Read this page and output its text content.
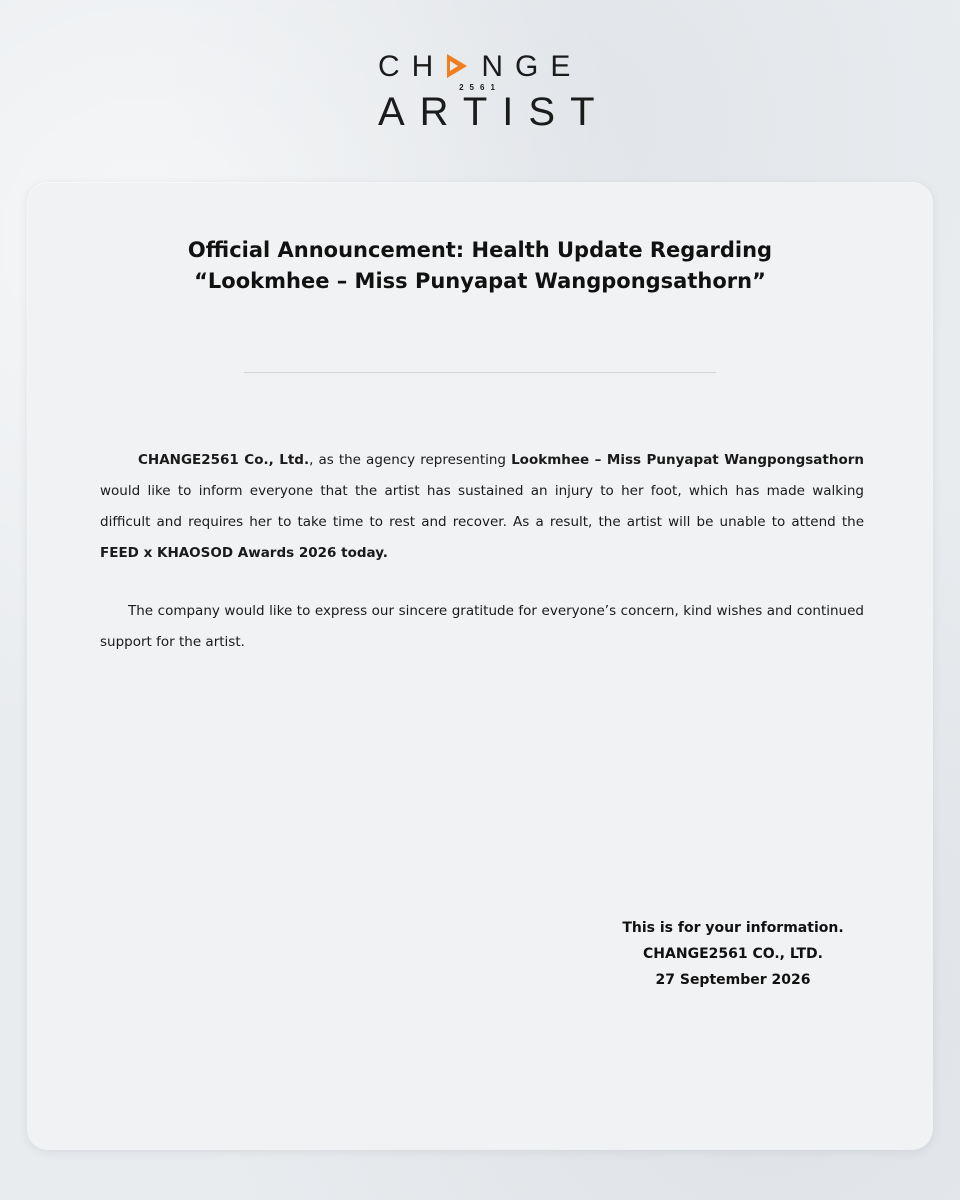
CH NGE
2561
ARTIST
Official Announcement: Health Update Regarding
“Lookmhee – Miss Punyapat Wangpongsathorn”

CHANGE2561 Co., Ltd., as the agency representing Lookmhee – Miss Punyapat Wangpongsathorn would like to inform everyone that the artist has sustained an injury to her foot, which has made walking difficult and requires her to take time to rest and recover. As a result, the artist will be unable to attend the FEED x KHAOSOD Awards 2026 today.

The company would like to express our sincere gratitude for everyone’s concern, kind wishes and continued support for the artist.

This is for your information.
CHANGE2561 CO., LTD.
27 September 2026
